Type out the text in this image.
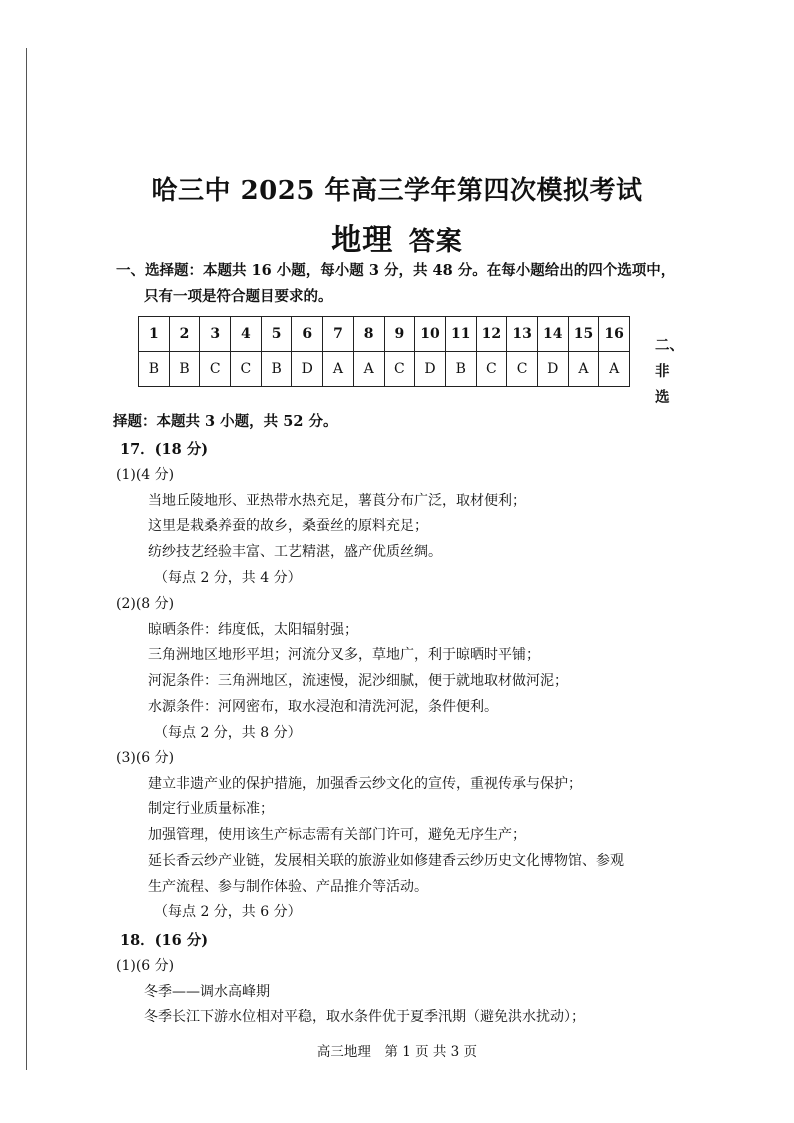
哈三中 2025 年高三学年第四次模拟考试
地理 答案
一、选择题：本题共 16 小题，每小题 3 分，共 48 分。在每小题给出的四个选项中，
只有一项是符合题目要求的。
1	2	3	4	5	6	7	8	9	10	11	12	13	14	15	16
B	B	C	C	B	D	A	A	C	D	B	C	C	D	A	A
二、
非
选
择题：本题共 3 小题，共 52 分。
17．(18 分)
(1)(4 分)
当地丘陵地形、亚热带水热充足，薯莨分布广泛，取材便利；
这里是栽桑养蚕的故乡，桑蚕丝的原料充足；
纺纱技艺经验丰富、工艺精湛，盛产优质丝绸。
（每点 2 分，共 4 分）
(2)(8 分)
晾晒条件：纬度低，太阳辐射强；
三角洲地区地形平坦；河流分叉多，草地广，利于晾晒时平铺；
河泥条件：三角洲地区，流速慢，泥沙细腻，便于就地取材做河泥；
水源条件：河网密布，取水浸泡和清洗河泥，条件便利。
（每点 2 分，共 8 分）
(3)(6 分)
建立非遗产业的保护措施，加强香云纱文化的宣传，重视传承与保护；
制定行业质量标准；
加强管理，使用该生产标志需有关部门许可，避免无序生产；
延长香云纱产业链，发展相关联的旅游业如修建香云纱历史文化博物馆、参观
生产流程、参与制作体验、产品推介等活动。
（每点 2 分，共 6 分）
18．(16 分)
(1)(6 分)
冬季——调水高峰期
冬季长江下游水位相对平稳，取水条件优于夏季汛期（避免洪水扰动）；
高三地理　第 1 页 共 3 页
